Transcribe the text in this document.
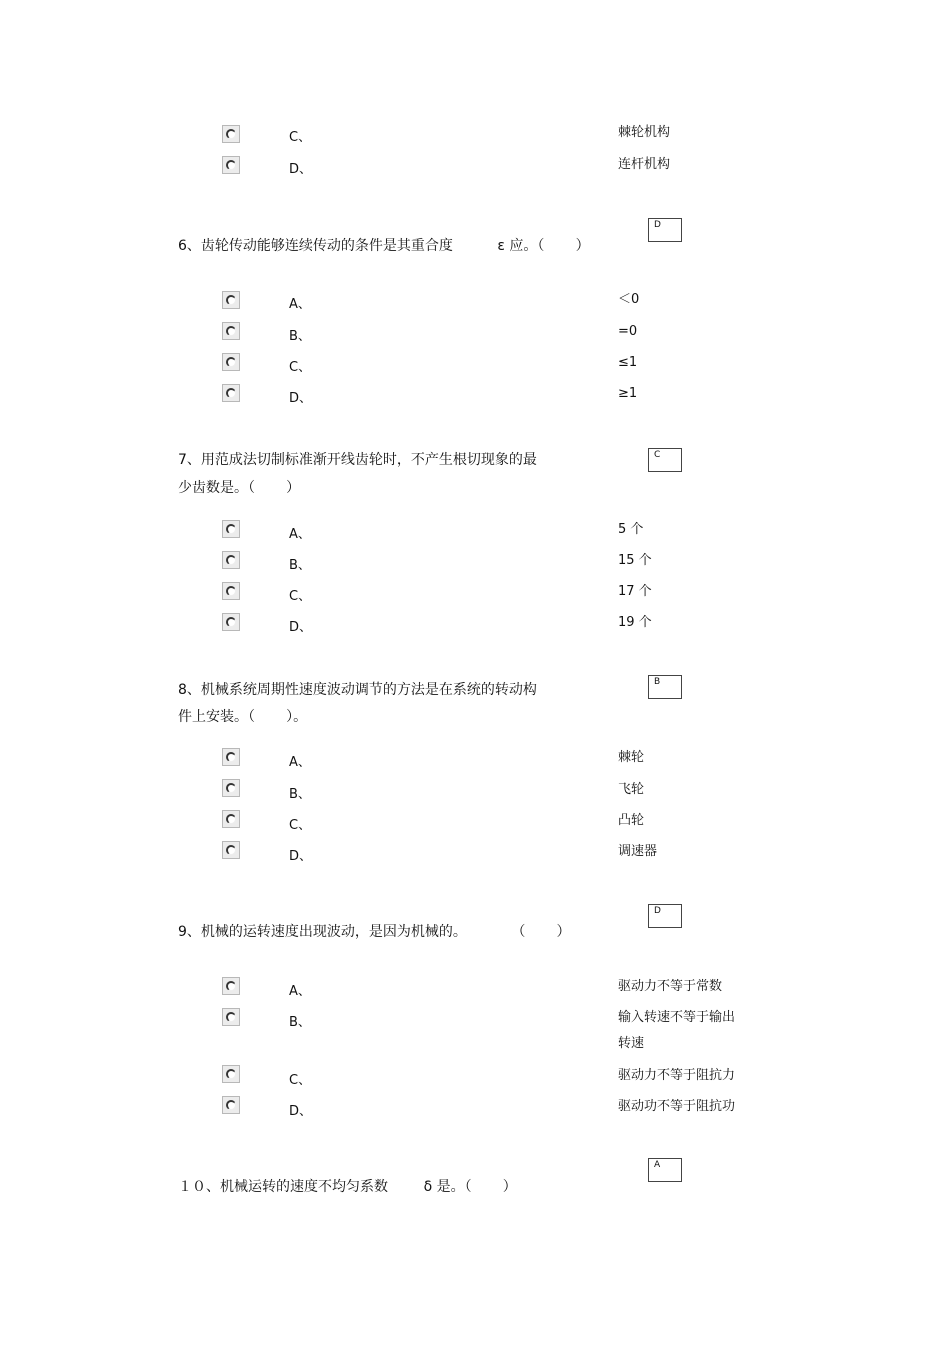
C、	棘轮机构
D、	连杆机构
D
6、齿轮传动能够连续传动的条件是其重合度          ε 应。（       ）
A、	＜0
B、	=0
C、	≤1
D、	≥1
C
7、用范成法切制标准渐开线齿轮时，不产生根切现象的最
少齿数是。（       ）
A、	5 个
B、	15 个
C、	17 个
D、	19 个
B
8、机械系统周期性速度波动调节的方法是在系统的转动构
件上安装。（       ）。
A、	棘轮
B、	飞轮
C、	凸轮
D、	调速器
D
9、机械的运转速度出现波动，是因为机械的。          （       ）
A、	驱动力不等于常数
B、	输入转速不等于输出
转速
C、	驱动力不等于阻抗力
D、	驱动功不等于阻抗功
A
１０、机械运转的速度不均匀系数        δ 是。（       ）
